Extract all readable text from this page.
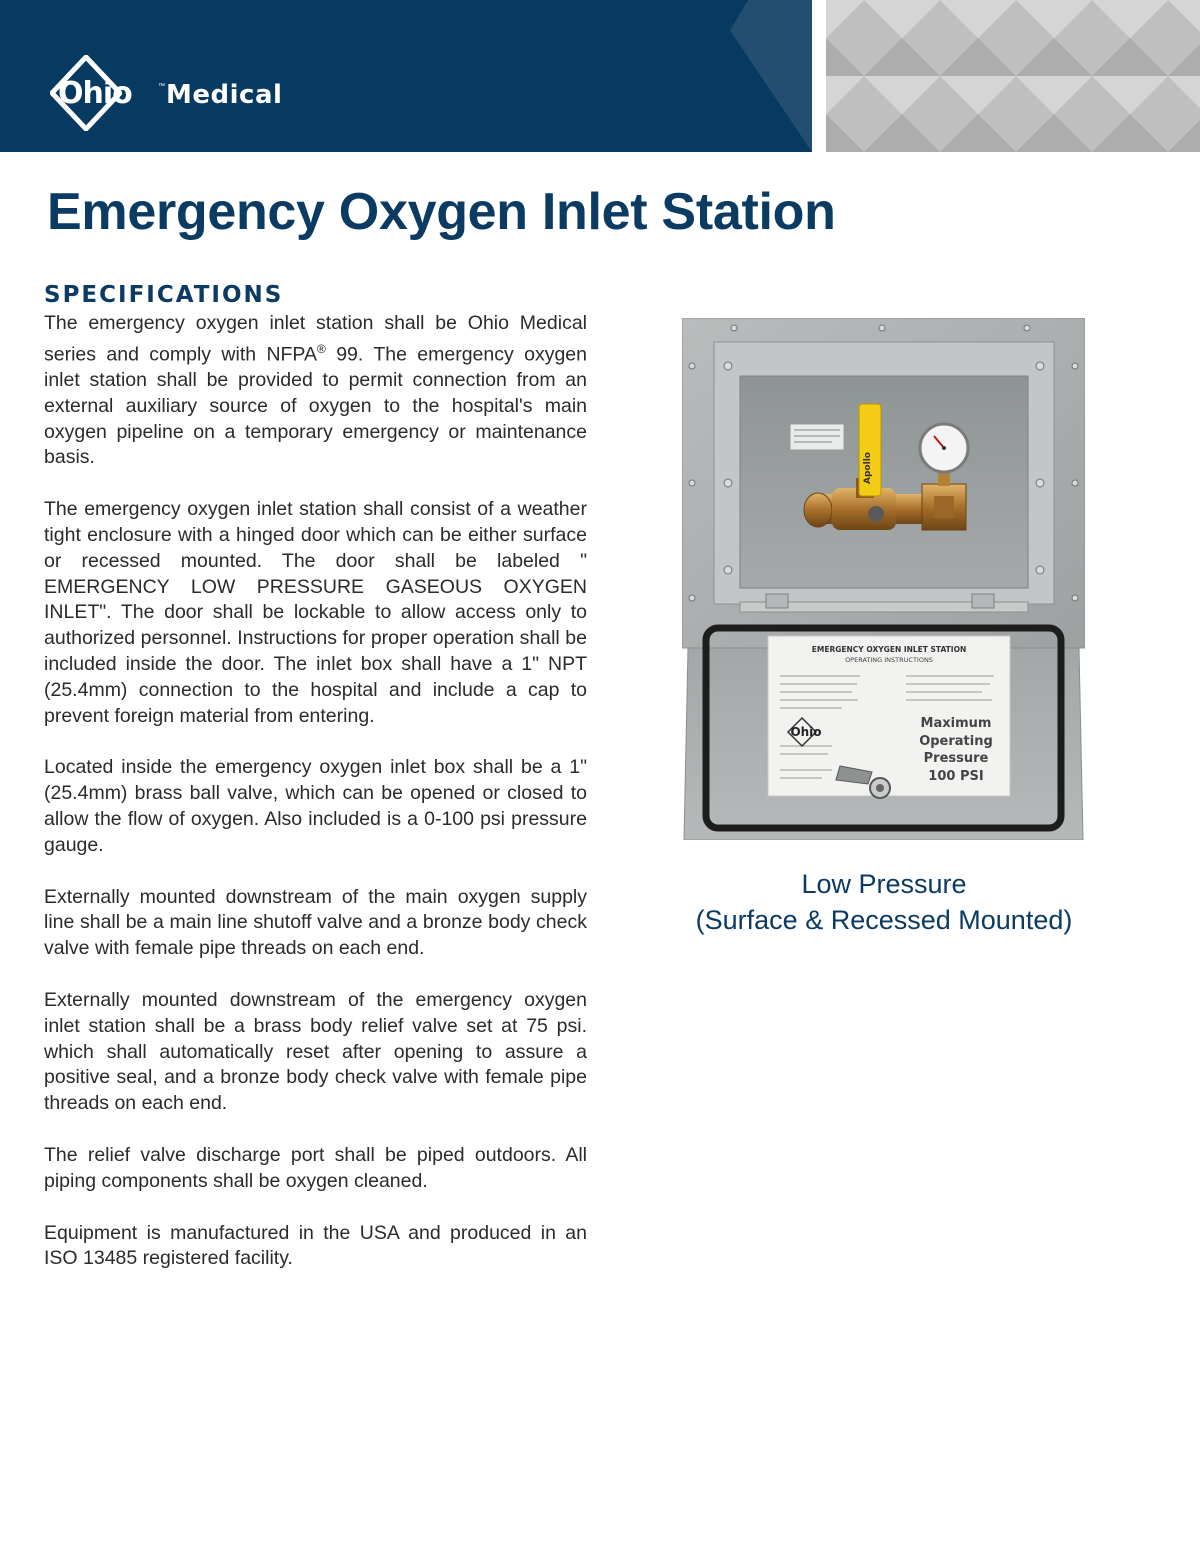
Ohio	™ Medical
Emergency Oxygen Inlet Station
SPECIFICATIONS

The emergency oxygen inlet station shall be Ohio Medical series and comply with NFPA® 99. The emergency oxygen inlet station shall be provided to permit connection from an external auxiliary source of oxygen to the hospital's main oxygen pipeline on a temporary emergency or maintenance basis.

The emergency oxygen inlet station shall consist of a weather tight enclosure with a hinged door which can be either surface or recessed mounted. The door shall be labeled " EMERGENCY LOW PRESSURE GASEOUS OXYGEN INLET". The door shall be lockable to allow access only to authorized personnel. Instructions for proper operation shall be included inside the door. The inlet box shall have a 1" NPT (25.4mm) connection to the hospital and include a cap to prevent foreign material from entering.

Located inside the emergency oxygen inlet box shall be a 1" (25.4mm) brass ball valve, which can be opened or closed to allow the flow of oxygen. Also included is a 0-100 psi pressure gauge.

Externally mounted downstream of the main oxygen supply line shall be a main line shutoff valve and a bronze body check valve with female pipe threads on each end.

Externally mounted downstream of the emergency oxygen inlet station shall be a brass body relief valve set at 75 psi. which shall automatically reset after opening to assure a positive seal, and a bronze body check valve with female pipe threads on each end.

The relief valve discharge port shall be piped outdoors. All piping components shall be oxygen cleaned.

Equipment is manufactured in the USA and produced in an ISO 13485 registered facility.

Apollo
EMERGENCY OXYGEN INLET STATION
OPERATING INSTRUCTIONS
Ohio
Maximum
Operating
Pressure
100 PSI
Low Pressure
(Surface & Recessed Mounted)
